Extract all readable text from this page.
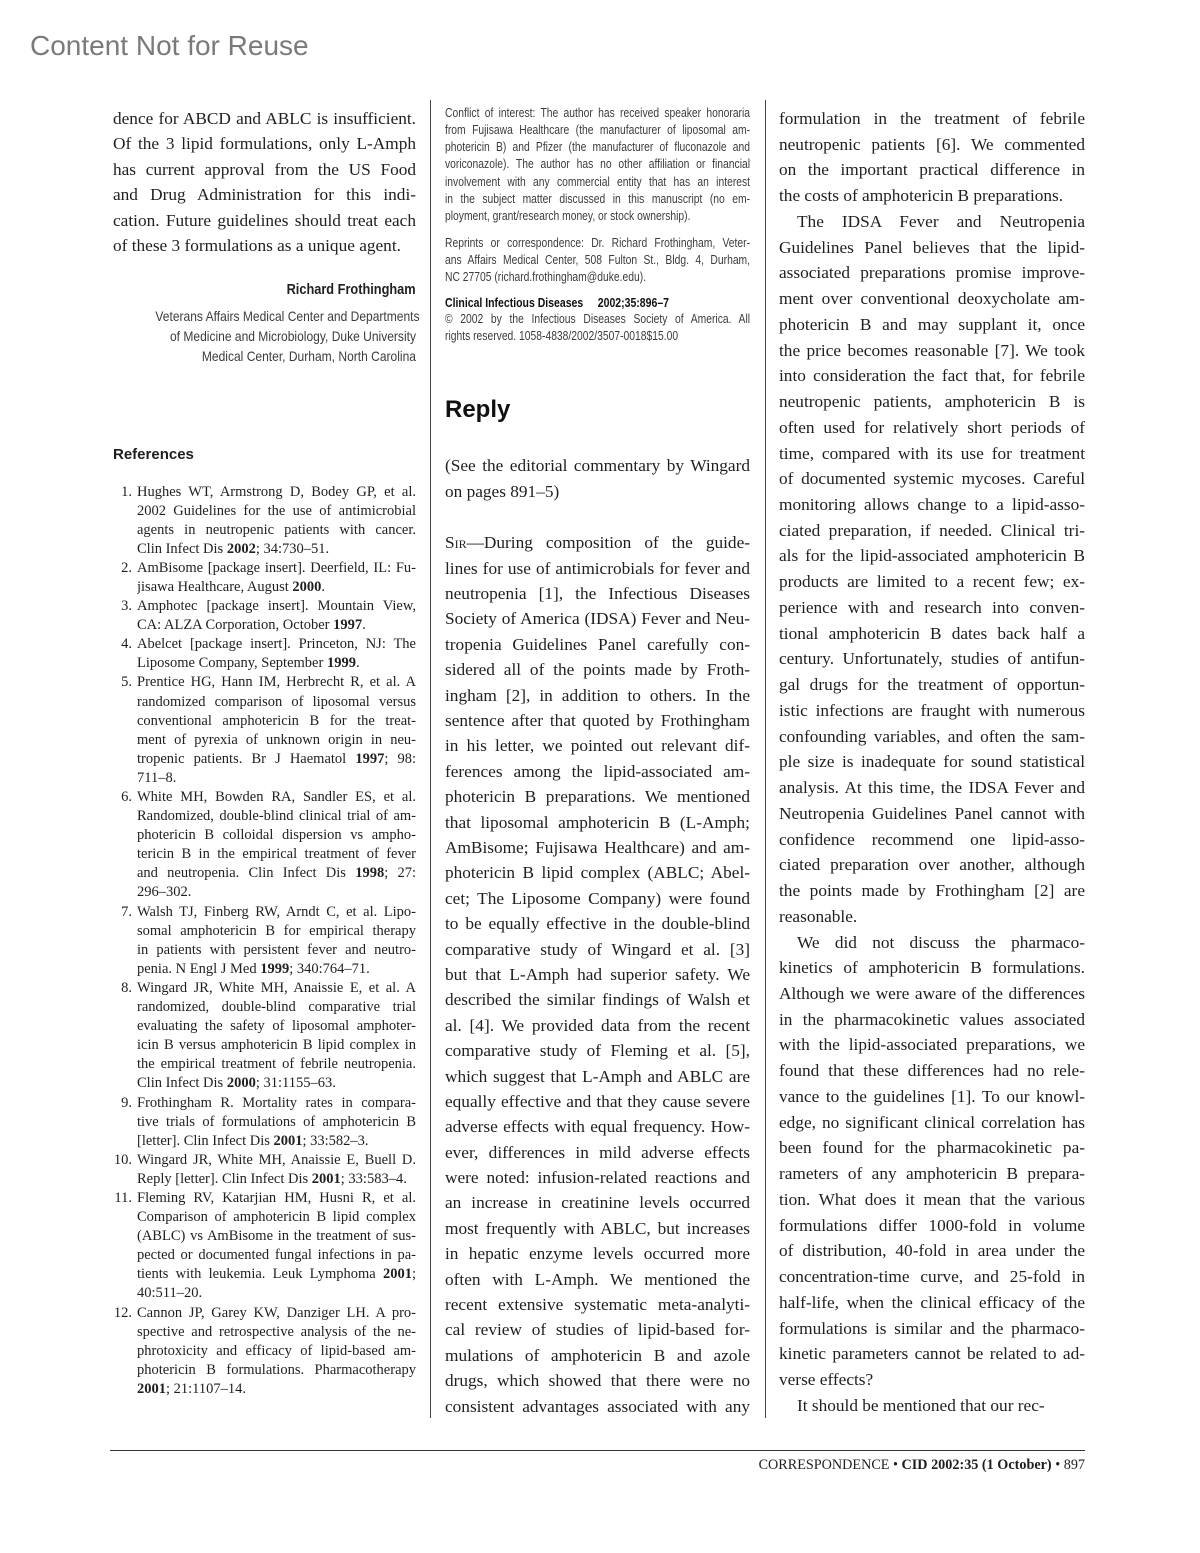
Content Not for Reuse
dence for ABCD and ABLC is insufficient.
Of the 3 lipid formulations, only L-Amph
has current approval from the US Food
and Drug Administration for this indi-
cation. Future guidelines should treat each
of these 3 formulations as a unique agent.
Richard Frothingham
Veterans Affairs Medical Center and Departments
of Medicine and Microbiology, Duke University
Medical Center, Durham, North Carolina
References
1. Hughes WT, Armstrong D, Bodey GP, et al.
2002 Guidelines for the use of antimicrobial
agents in neutropenic patients with cancer.
Clin Infect Dis 2002; 34:730–51.
2. AmBisome [package insert]. Deerfield, IL: Fu-
jisawa Healthcare, August 2000.
3. Amphotec [package insert]. Mountain View,
CA: ALZA Corporation, October 1997.
4. Abelcet [package insert]. Princeton, NJ: The
Liposome Company, September 1999.
5. Prentice HG, Hann IM, Herbrecht R, et al. A
randomized comparison of liposomal versus
conventional amphotericin B for the treat-
ment of pyrexia of unknown origin in neu-
tropenic patients. Br J Haematol 1997; 98:
711–8.
6. White MH, Bowden RA, Sandler ES, et al.
Randomized, double-blind clinical trial of am-
photericin B colloidal dispersion vs ampho-
tericin B in the empirical treatment of fever
and neutropenia. Clin Infect Dis 1998; 27:
296–302.
7. Walsh TJ, Finberg RW, Arndt C, et al. Lipo-
somal amphotericin B for empirical therapy
in patients with persistent fever and neutro-
penia. N Engl J Med 1999; 340:764–71.
8. Wingard JR, White MH, Anaissie E, et al. A
randomized, double-blind comparative trial
evaluating the safety of liposomal amphoter-
icin B versus amphotericin B lipid complex in
the empirical treatment of febrile neutropenia.
Clin Infect Dis 2000; 31:1155–63.
9. Frothingham R. Mortality rates in compara-
tive trials of formulations of amphotericin B
[letter]. Clin Infect Dis 2001; 33:582–3.
10. Wingard JR, White MH, Anaissie E, Buell D.
Reply [letter]. Clin Infect Dis 2001; 33:583–4.
11. Fleming RV, Katarjian HM, Husni R, et al.
Comparison of amphotericin B lipid complex
(ABLC) vs AmBisome in the treatment of sus-
pected or documented fungal infections in pa-
tients with leukemia. Leuk Lymphoma 2001;
40:511–20.
12. Cannon JP, Garey KW, Danziger LH. A pro-
spective and retrospective analysis of the ne-
phrotoxicity and efficacy of lipid-based am-
photericin B formulations. Pharmacotherapy
2001; 21:1107–14.
Conflict of interest: The author has received speaker honoraria
from Fujisawa Healthcare (the manufacturer of liposomal am-
photericin B) and Pfizer (the manufacturer of fluconazole and
voriconazole). The author has no other affiliation or financial
involvement with any commercial entity that has an interest
in the subject matter discussed in this manuscript (no em-
ployment, grant/research money, or stock ownership).
Reprints or correspondence: Dr. Richard Frothingham, Veter-
ans Affairs Medical Center, 508 Fulton St., Bldg. 4, Durham,
NC 27705 (richard.frothingham@duke.edu).
Clinical Infectious Diseases 2002;35:896–7
© 2002 by the Infectious Diseases Society of America. All
rights reserved. 1058-4838/2002/3507-0018$15.00
Reply
(See the editorial commentary by Wingard
on pages 891–5)
Sir—During composition of the guide-
lines for use of antimicrobials for fever and
neutropenia [1], the Infectious Diseases
Society of America (IDSA) Fever and Neu-
tropenia Guidelines Panel carefully con-
sidered all of the points made by Froth-
ingham [2], in addition to others. In the
sentence after that quoted by Frothingham
in his letter, we pointed out relevant dif-
ferences among the lipid-associated am-
photericin B preparations. We mentioned
that liposomal amphotericin B (L-Amph;
AmBisome; Fujisawa Healthcare) and am-
photericin B lipid complex (ABLC; Abel-
cet; The Liposome Company) were found
to be equally effective in the double-blind
comparative study of Wingard et al. [3]
but that L-Amph had superior safety. We
described the similar findings of Walsh et
al. [4]. We provided data from the recent
comparative study of Fleming et al. [5],
which suggest that L-Amph and ABLC are
equally effective and that they cause severe
adverse effects with equal frequency. How-
ever, differences in mild adverse effects
were noted: infusion-related reactions and
an increase in creatinine levels occurred
most frequently with ABLC, but increases
in hepatic enzyme levels occurred more
often with L-Amph. We mentioned the
recent extensive systematic meta-analyti-
cal review of studies of lipid-based for-
mulations of amphotericin B and azole
drugs, which showed that there were no
consistent advantages associated with any
formulation in the treatment of febrile
neutropenic patients [6]. We commented
on the important practical difference in
the costs of amphotericin B preparations.
The IDSA Fever and Neutropenia
Guidelines Panel believes that the lipid-
associated preparations promise improve-
ment over conventional deoxycholate am-
photericin B and may supplant it, once
the price becomes reasonable [7]. We took
into consideration the fact that, for febrile
neutropenic patients, amphotericin B is
often used for relatively short periods of
time, compared with its use for treatment
of documented systemic mycoses. Careful
monitoring allows change to a lipid-asso-
ciated preparation, if needed. Clinical tri-
als for the lipid-associated amphotericin B
products are limited to a recent few; ex-
perience with and research into conven-
tional amphotericin B dates back half a
century. Unfortunately, studies of antifun-
gal drugs for the treatment of opportun-
istic infections are fraught with numerous
confounding variables, and often the sam-
ple size is inadequate for sound statistical
analysis. At this time, the IDSA Fever and
Neutropenia Guidelines Panel cannot with
confidence recommend one lipid-asso-
ciated preparation over another, although
the points made by Frothingham [2] are
reasonable.
We did not discuss the pharmaco-
kinetics of amphotericin B formulations.
Although we were aware of the differences
in the pharmacokinetic values associated
with the lipid-associated preparations, we
found that these differences had no rele-
vance to the guidelines [1]. To our knowl-
edge, no significant clinical correlation has
been found for the pharmacokinetic pa-
rameters of any amphotericin B prepara-
tion. What does it mean that the various
formulations differ 1000-fold in volume
of distribution, 40-fold in area under the
concentration-time curve, and 25-fold in
half-life, when the clinical efficacy of the
formulations is similar and the pharmaco-
kinetic parameters cannot be related to ad-
verse effects?
It should be mentioned that our rec-
CORRESPONDENCE • CID 2002:35 (1 October) • 897
